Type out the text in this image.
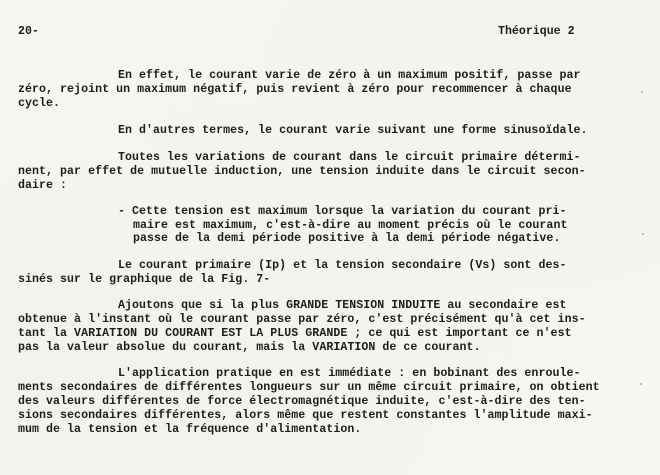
20-	Théorique 2
En effet, le courant varie de zéro à un maximum positif, passe par
zéro, rejoint un maximum négatif, puis revient à zéro pour recommencer à chaque
cycle.
En d'autres termes, le courant varie suivant une forme sinusoïdale.
Toutes les variations de courant dans le circuit primaire détermi-
nent, par effet de mutuelle induction, une tension induite dans le circuit secon-
daire :
- Cette tension est maximum lorsque la variation du courant pri-
maire est maximum, c'est-à-dire au moment précis où le courant
passe de la demi période positive à la demi période négative.
Le courant primaire (Ip) et la tension secondaire (Vs) sont des-
sinés sur le graphique de la Fig. 7-
Ajoutons que si la plus GRANDE TENSION INDUITE au secondaire est
obtenue à l'instant où le courant passe par zéro, c'est précisément qu'à cet ins-
tant la VARIATION DU COURANT EST LA PLUS GRANDE ; ce qui est important ce n'est
pas la valeur absolue du courant, mais la VARIATION de ce courant.
L'application pratique en est immédiate : en bobinant des enroule-
ments secondaires de différentes longueurs sur un même circuit primaire, on obtient
des valeurs différentes de force électromagnétique induite, c'est-à-dire des ten-
sions secondaires différentes, alors même que restent constantes l'amplitude maxi-
mum de la tension et la fréquence d'alimentation.
